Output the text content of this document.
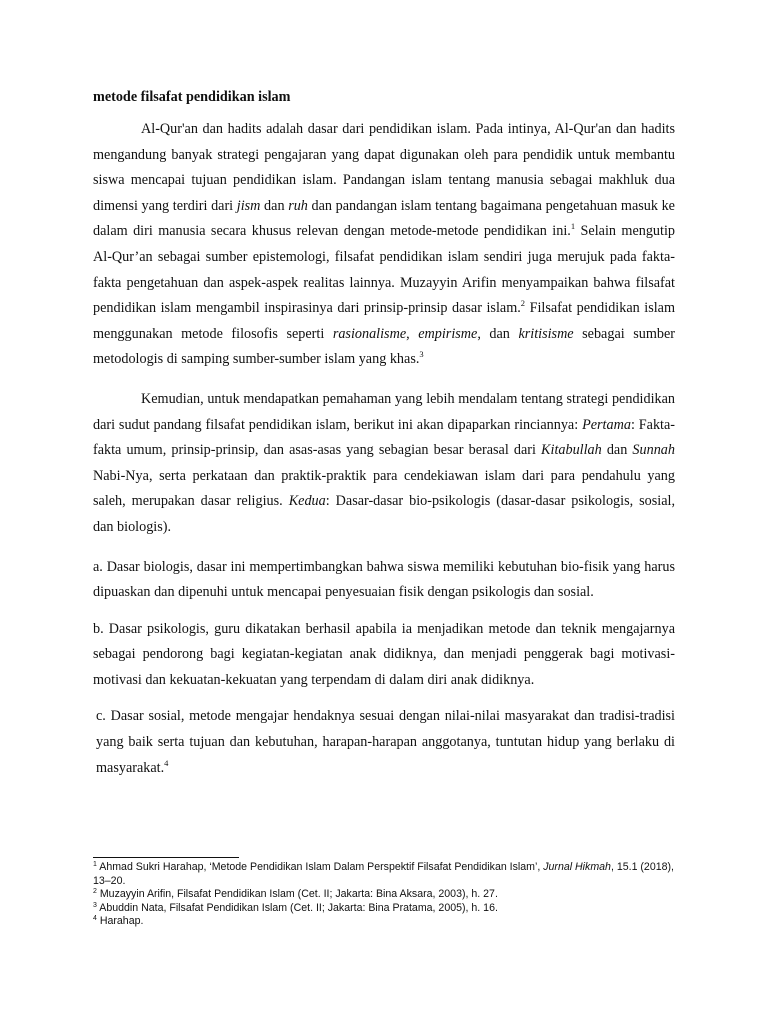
metode filsafat pendidikan islam

Al-Qur'an dan hadits adalah dasar dari pendidikan islam. Pada intinya, Al-Qur'an dan hadits mengandung banyak strategi pengajaran yang dapat digunakan oleh para pendidik untuk membantu siswa mencapai tujuan pendidikan islam. Pandangan islam tentang manusia sebagai makhluk dua dimensi yang terdiri dari jism dan ruh dan pandangan islam tentang bagaimana pengetahuan masuk ke dalam diri manusia secara khusus relevan dengan metode-metode pendidikan ini.$^1$ Selain mengutip Al-Qur’an sebagai sumber epistemologi, filsafat pendidikan islam sendiri juga merujuk pada fakta-fakta pengetahuan dan aspek-aspek realitas lainnya. Muzayyin Arifin menyampaikan bahwa filsafat pendidikan islam mengambil inspirasinya dari prinsip-prinsip dasar islam.$^2$ Filsafat pendidikan islam menggunakan metode filosofis seperti rasionalisme, empirisme, dan kritisisme sebagai sumber metodologis di samping sumber-sumber islam yang khas.$^3$

Kemudian, untuk mendapatkan pemahaman yang lebih mendalam tentang strategi pendidikan dari sudut pandang filsafat pendidikan islam, berikut ini akan dipaparkan rinciannya: Pertama: Fakta-fakta umum, prinsip-prinsip, dan asas-asas yang sebagian besar berasal dari Kitabullah dan Sunnah Nabi-Nya, serta perkataan dan praktik-praktik para cendekiawan islam dari para pendahulu yang saleh, merupakan dasar religius. Kedua: Dasar-dasar bio-psikologis (dasar-dasar psikologis, sosial, dan biologis).

a. Dasar biologis, dasar ini mempertimbangkan bahwa siswa memiliki kebutuhan bio-fisik yang harus dipuaskan dan dipenuhi untuk mencapai penyesuaian fisik dengan psikologis dan sosial.

b. Dasar psikologis, guru dikatakan berhasil apabila ia menjadikan metode dan teknik mengajarnya sebagai pendorong bagi kegiatan-kegiatan anak didiknya, dan menjadi penggerak bagi motivasi-motivasi dan kekuatan-kekuatan yang terpendam di dalam diri anak didiknya.

c. Dasar sosial, metode mengajar hendaknya sesuai dengan nilai-nilai masyarakat dan tradisi-tradisi yang baik serta tujuan dan kebutuhan, harapan-harapan anggotanya, tuntutan hidup yang berlaku di masyarakat.$^4$

$^1$ Ahmad Sukri Harahap, ‘Metode Pendidikan Islam Dalam Perspektif Filsafat Pendidikan Islam’, Jurnal Hikmah, 15.1 (2018), 13–20.

$^2$ Muzayyin Arifin, Filsafat Pendidikan Islam (Cet. II; Jakarta: Bina Aksara, 2003), h. 27.

$^3$ Abuddin Nata, Filsafat Pendidikan Islam (Cet. II; Jakarta: Bina Pratama, 2005), h. 16.

$^4$ Harahap.
